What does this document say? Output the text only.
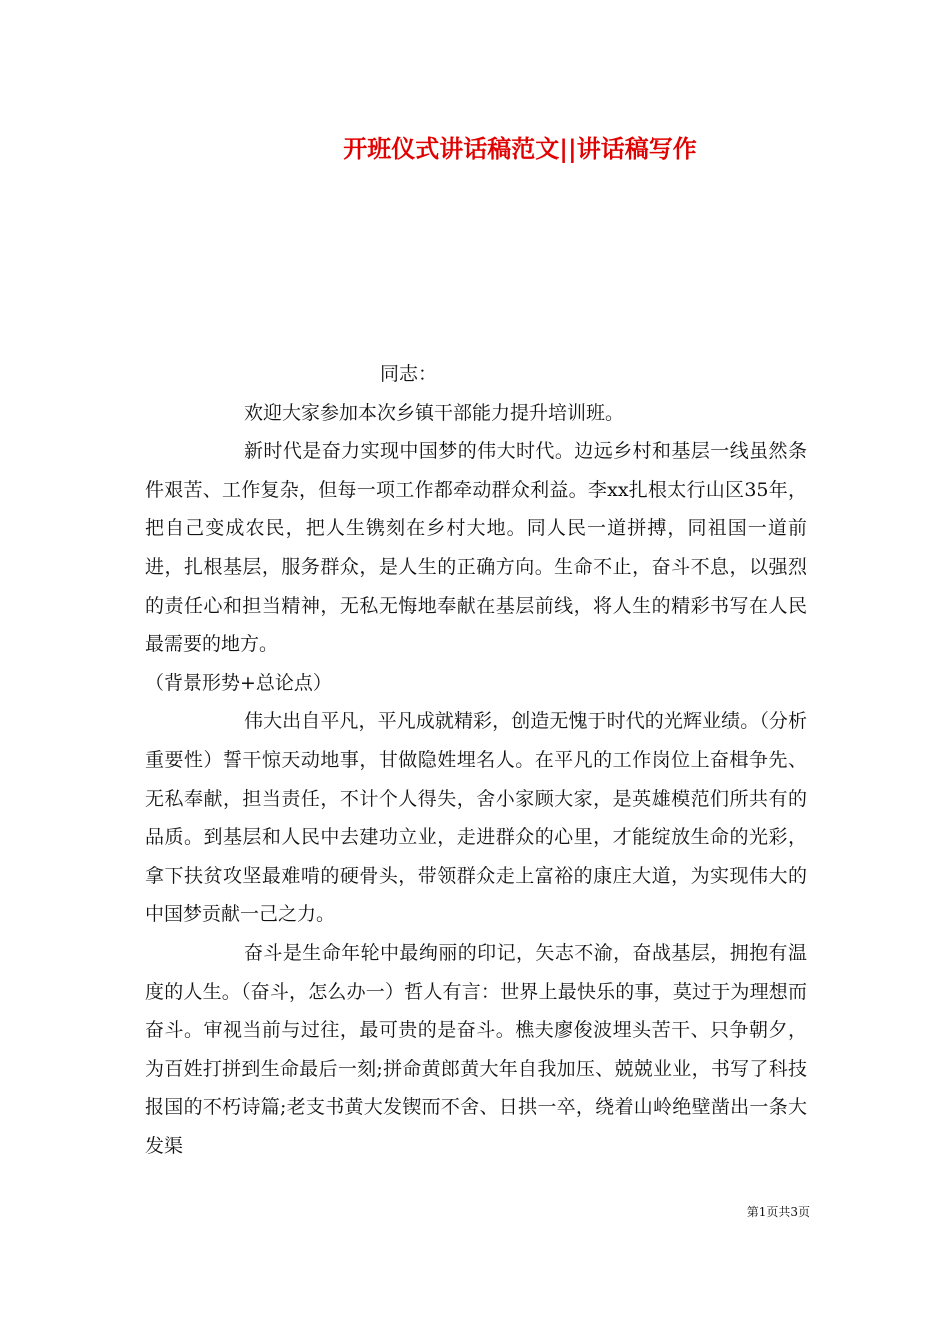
开班仪式讲话稿范文||讲话稿写作

同志：

欢迎大家参加本次乡镇干部能力提升培训班。

新时代是奋力实现中国梦的伟大时代。边远乡村和基层一线虽然条件艰苦、工作复杂，但每一项工作都牵动群众利益。李xx扎根太行山区35年，把自己变成农民，把人生镌刻在乡村大地。同人民一道拼搏，同祖国一道前进，扎根基层，服务群众，是人生的正确方向。生命不止，奋斗不息，以强烈的责任心和担当精神，无私无悔地奉献在基层前线，将人生的精彩书写在人民最需要的地方。

（背景形势+总论点）

伟大出自平凡，平凡成就精彩，创造无愧于时代的光辉业绩。（分析重要性）誓干惊天动地事，甘做隐姓埋名人。在平凡的工作岗位上奋楫争先、无私奉献，担当责任，不计个人得失，舍小家顾大家，是英雄模范们所共有的品质。到基层和人民中去建功立业，走进群众的心里，才能绽放生命的光彩，拿下扶贫攻坚最难啃的硬骨头，带领群众走上富裕的康庄大道，为实现伟大的中国梦贡献一己之力。

奋斗是生命年轮中最绚丽的印记，矢志不渝，奋战基层，拥抱有温度的人生。（奋斗，怎么办一）哲人有言：世界上最快乐的事，莫过于为理想而奋斗。审视当前与过往，最可贵的是奋斗。樵夫廖俊波埋头苦干、只争朝夕，为百姓打拼到生命最后一刻;拼命黄郎黄大年自我加压、兢兢业业，书写了科技报国的不朽诗篇;老支书黄大发锲而不舍、日拱一卒，绕着山岭绝壁凿出一条大发渠

第1页共3页
